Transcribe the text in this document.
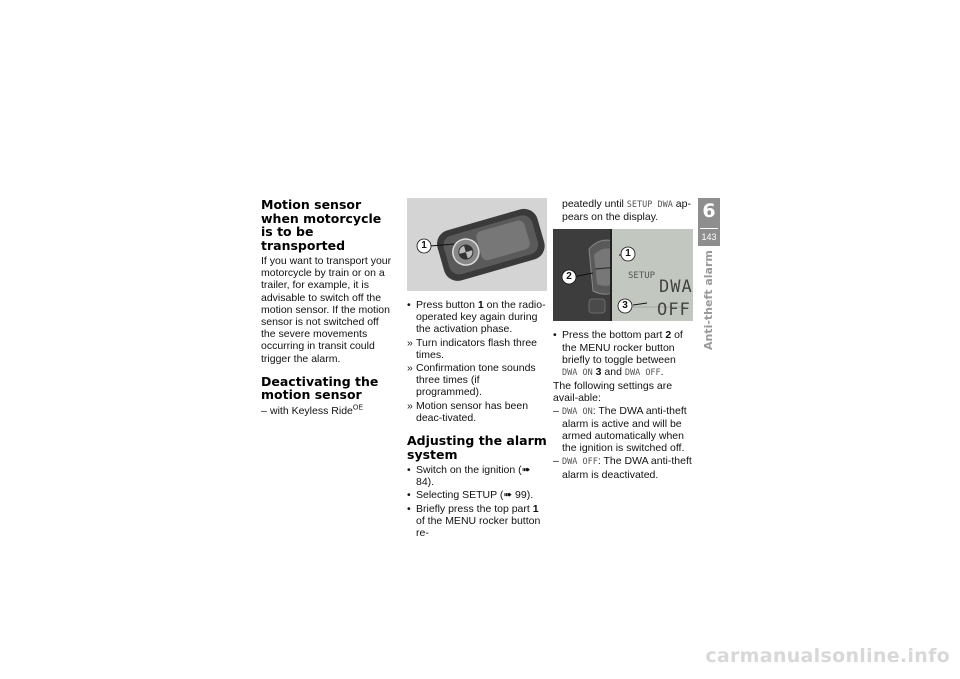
Motion sensor when motorcycle is to be transported

If you want to transport your motorcycle by train or on a trailer, for example, it is advisable to switch off the motion sensor. If the motion sensor is not switched off the severe movements occurring in transit could trigger the alarm.

Deactivating the motion sensor
– with Keyless Ride$^{OE}$
1
• Press button 1 on the radio-operated key again during the activation phase.
» Turn indicators flash three times.
» Confirmation tone sounds three times (if programmed).
» Motion sensor has been deac-tivated.
Adjusting the alarm system
• Switch on the ignition (➠ 84).
• Selecting SETUP (➠ 99).
• Briefly press the top part 1 of the MENU rocker button re-
peatedly until SETUP DWA ap-pears on the display.
1
2
3
SETUP
DWA
OFF
• Press the bottom part 2 of the MENU rocker button briefly to toggle between DWA ON 3 and DWA OFF.

The following settings are avail-able:

– DWA ON: The DWA anti-theft alarm is active and will be armed automatically when the ignition is switched off.
– DWA OFF: The DWA anti-theft alarm is deactivated.
6
143
Anti-theft alarm
carmanualsonline.info
